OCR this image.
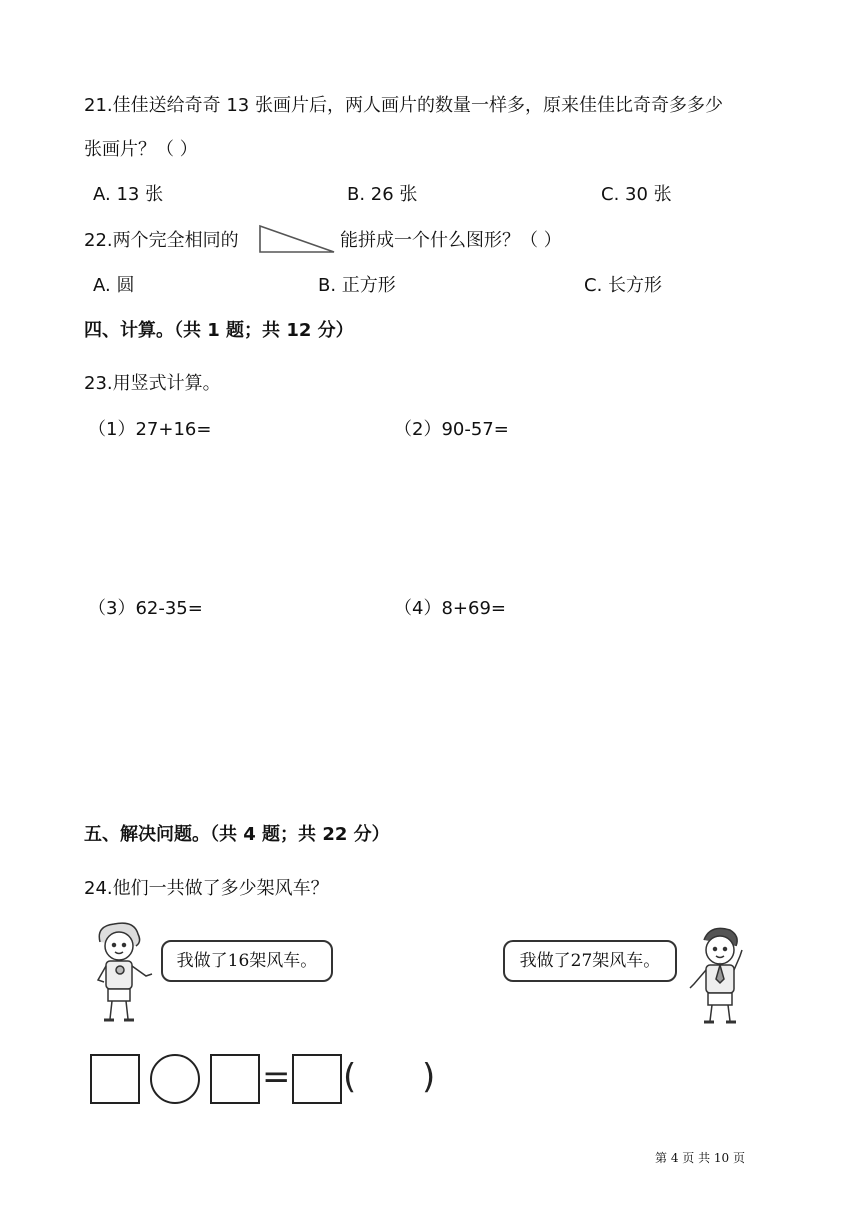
21.佳佳送给奇奇 13 张画片后，两人画片的数量一样多，原来佳佳比奇奇多多少
张画片？（ ）
A. 13 张	B. 26 张	C. 30 张
22.两个完全相同的	能拼成一个什么图形？（ ）
A. 圆	B. 正方形	C. 长方形
四、计算。（共 1 题；共 12 分）
23.用竖式计算。
（1）27+16=	（2）90-57=
（3）62-35=	（4）8+69=
五、解决问题。（共 4 题；共 22 分）
24.他们一共做了多少架风车？
我做了16架风车。	我做了27架风车。
= ( )
第 4 页 共 10 页
